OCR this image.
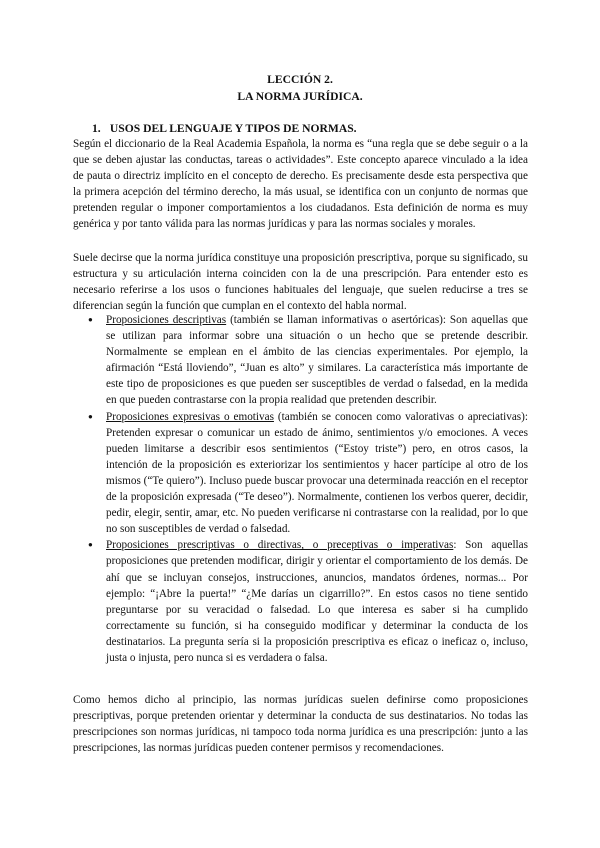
LECCIÓN 2.
LA NORMA JURÍDICA.
1. USOS DEL LENGUAJE Y TIPOS DE NORMAS.

Según el diccionario de la Real Academia Española, la norma es “una regla que se debe seguir o a la que se deben ajustar las conductas, tareas o actividades”. Este concepto aparece vinculado a la idea de pauta o directriz implícito en el concepto de derecho. Es precisamente desde esta perspectiva que la primera acepción del término derecho, la más usual, se identifica con un conjunto de normas que pretenden regular o imponer comportamientos a los ciudadanos. Esta definición de norma es muy genérica y por tanto válida para las normas jurídicas y para las normas sociales y morales.

Suele decirse que la norma jurídica constituye una proposición prescriptiva, porque su significado, su estructura y su articulación interna coinciden con la de una prescripción. Para entender esto es necesario referirse a los usos o funciones habituales del lenguaje, que suelen reducirse a tres se diferencian según la función que cumplan en el contexto del habla normal.

● Proposiciones descriptivas (también se llaman informativas o asertóricas): Son aquellas que se utilizan para informar sobre una situación o un hecho que se pretende describir. Normalmente se emplean en el ámbito de las ciencias experimentales. Por ejemplo, la afirmación “Está lloviendo”, “Juan es alto” y similares. La característica más importante de este tipo de proposiciones es que pueden ser susceptibles de verdad o falsedad, en la medida en que pueden contrastarse con la propia realidad que pretenden describir.
● Proposiciones expresivas o emotivas (también se conocen como valorativas o apreciativas): Pretenden expresar o comunicar un estado de ánimo, sentimientos y/o emociones. A veces pueden limitarse a describir esos sentimientos (“Estoy triste”) pero, en otros casos, la intención de la proposición es exteriorizar los sentimientos y hacer partícipe al otro de los mismos (“Te quiero”). Incluso puede buscar provocar una determinada reacción en el receptor de la proposición expresada (“Te deseo”). Normalmente, contienen los verbos querer, decidir, pedir, elegir, sentir, amar, etc. No pueden verificarse ni contrastarse con la realidad, por lo que no son susceptibles de verdad o falsedad.
● Proposiciones prescriptivas o directivas, o preceptivas o imperativas: Son aquellas proposiciones que pretenden modificar, dirigir y orientar el comportamiento de los demás. De ahí que se incluyan consejos, instrucciones, anuncios, mandatos órdenes, normas... Por ejemplo: “¡Abre la puerta!” “¿Me darías un cigarrillo?”. En estos casos no tiene sentido preguntarse por su veracidad o falsedad. Lo que interesa es saber si ha cumplido correctamente su función, si ha conseguido modificar y determinar la conducta de los destinatarios. La pregunta sería si la proposición prescriptiva es eficaz o ineficaz o, incluso, justa o injusta, pero nunca si es verdadera o falsa.

Como hemos dicho al principio, las normas jurídicas suelen definirse como proposiciones prescriptivas, porque pretenden orientar y determinar la conducta de sus destinatarios. No todas las prescripciones son normas jurídicas, ni tampoco toda norma jurídica es una prescripción: junto a las prescripciones, las normas jurídicas pueden contener permisos y recomendaciones.
